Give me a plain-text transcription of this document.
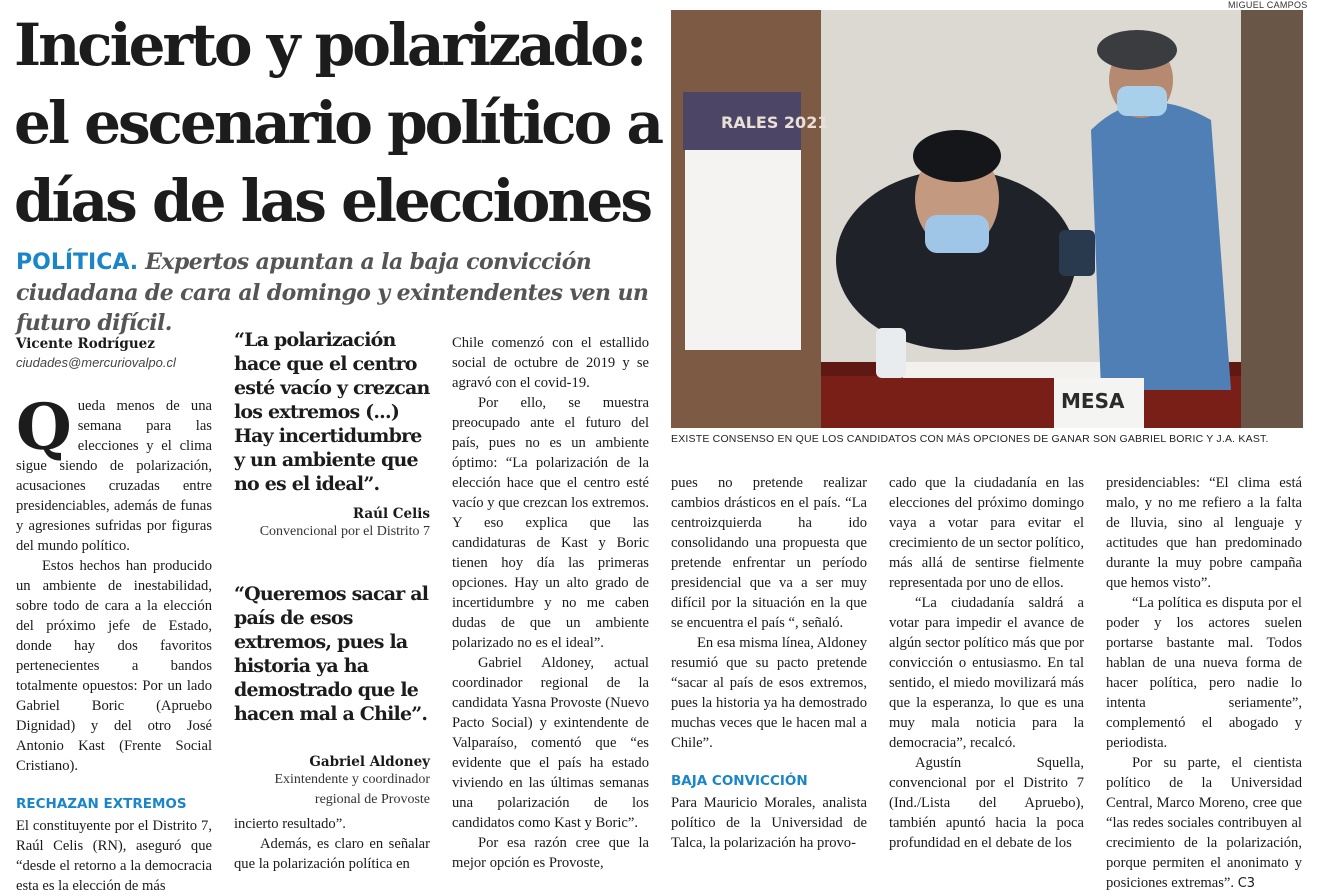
Incierto y polarizado:
el escenario político a
días de las elecciones
POLÍTICA. Expertos apuntan a la baja convicción ciudadana de cara al domingo y exintendentes ven un futuro difícil.
MIGUEL CAMPOS
RALES 2021
MESA
EXISTE CONSENSO EN QUE LOS CANDIDATOS CON MÁS OPCIONES DE GANAR SON GABRIEL BORIC Y J.A. KAST.
Vicente Rodríguez
ciudades@mercuriovalpo.cl

Queda menos de una semana para las elecciones y el clima sigue siendo de polarización, acusaciones cruzadas entre presidenciables, además de funas y agresiones sufridas por figuras del mundo político.

Estos hechos han producido un ambiente de inestabilidad, sobre todo de cara a la elección del próximo jefe de Estado, donde hay dos favoritos pertenecientes a bandos totalmente opuestos: Por un lado Gabriel Boric (Apruebo Dignidad) y del otro José Antonio Kast (Frente Social Cristiano).

RECHAZAN EXTREMOS

El constituyente por el Distrito 7, Raúl Celis (RN), aseguró que “desde el retorno a la democracia esta es la elección de más

“La polarización hace que el centro esté vacío y crezcan los extremos (...) Hay incertidumbre y un ambiente que no es el ideal”.
Raúl Celis
Convencional por el Distrito 7
“Queremos sacar al país de esos extremos, pues la historia ya ha demostrado que le hacen mal a Chile”.
Gabriel Aldoney
Exintendente y coordinador regional de Provoste

incierto resultado”.

Además, es claro en señalar que la polarización política en

Chile comenzó con el estallido social de octubre de 2019 y se agravó con el covid-19.

Por ello, se muestra preocupado ante el futuro del país, pues no es un ambiente óptimo: “La polarización de la elección hace que el centro esté vacío y que crezcan los extremos. Y eso explica que las candidaturas de Kast y Boric tienen hoy día las primeras opciones. Hay un alto grado de incertidumbre y no me caben dudas de que un ambiente polarizado no es el ideal”.

Gabriel Aldoney, actual coordinador regional de la candidata Yasna Provoste (Nuevo Pacto Social) y exintendente de Valparaíso, comentó que “es evidente que el país ha estado viviendo en las últimas semanas una polarización de los candidatos como Kast y Boric”.

Por esa razón cree que la mejor opción es Provoste,

pues no pretende realizar cambios drásticos en el país. “La centroizquierda ha ido consolidando una propuesta que pretende enfrentar un período presidencial que va a ser muy difícil por la situación en la que se encuentra el país “, señaló.

En esa misma línea, Aldoney resumió que su pacto pretende “sacar al país de esos extremos, pues la historia ya ha demostrado muchas veces que le hacen mal a Chile”.

BAJA CONVICCIÓN

Para Mauricio Morales, analista político de la Universidad de Talca, la polarización ha provo-

cado que la ciudadanía en las elecciones del próximo domingo vaya a votar para evitar el crecimiento de un sector político, más allá de sentirse fielmente representada por uno de ellos.

“La ciudadanía saldrá a votar para impedir el avance de algún sector político más que por convicción o entusiasmo. En tal sentido, el miedo movilizará más que la esperanza, lo que es una muy mala noticia para la democracia”, recalcó.

Agustín Squella, convencional por el Distrito 7 (Ind./Lista del Apruebo), también apuntó hacia la poca profundidad en el debate de los

presidenciables: “El clima está malo, y no me refiero a la falta de lluvia, sino al lenguaje y actitudes que han predominado durante la muy pobre campaña que hemos visto”.

“La política es disputa por el poder y los actores suelen portarse bastante mal. Todos hablan de una nueva forma de hacer política, pero nadie lo intenta seriamente”, complementó el abogado y periodista.

Por su parte, el cientista político de la Universidad Central, Marco Moreno, cree que “las redes sociales contribuyen al crecimiento de la polarización, porque permiten el anonimato y posiciones extremas”. C3
